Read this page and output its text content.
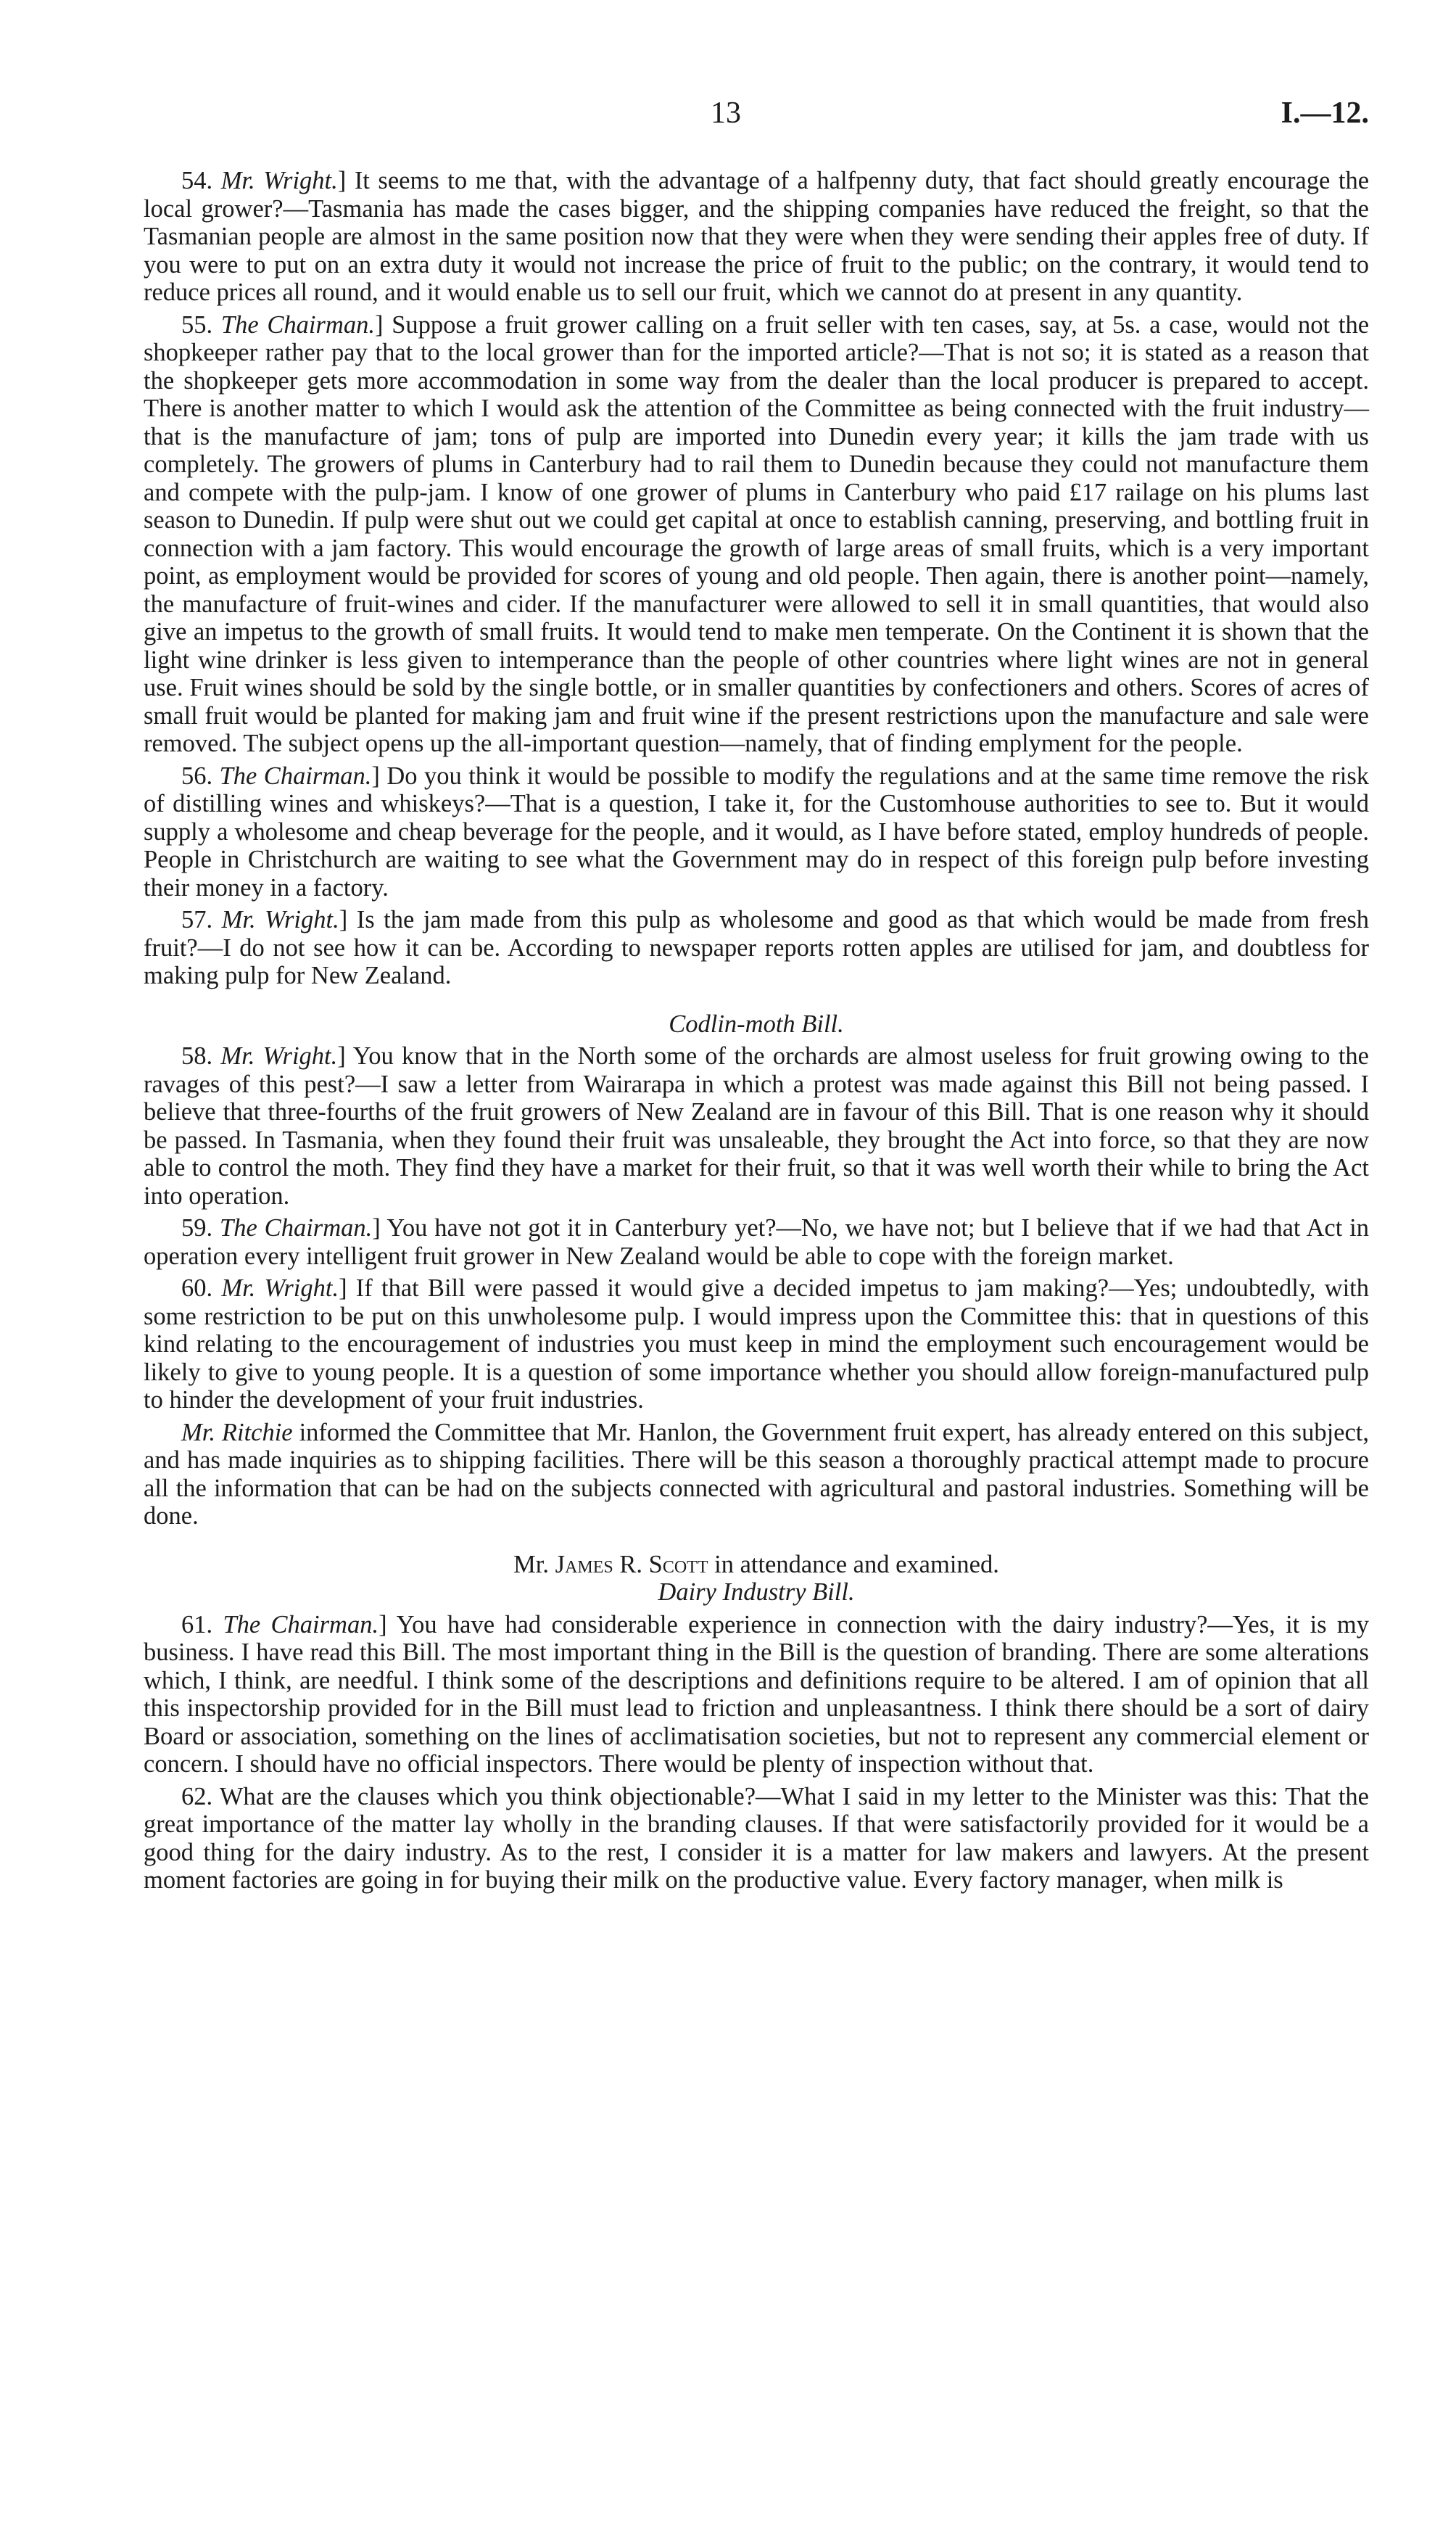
13	I.—12.

54. Mr. Wright.] It seems to me that, with the advantage of a halfpenny duty, that fact should greatly encourage the local grower?—Tasmania has made the cases bigger, and the shipping companies have reduced the freight, so that the Tasmanian people are almost in the same position now that they were when they were sending their apples free of duty. If you were to put on an extra duty it would not increase the price of fruit to the public; on the contrary, it would tend to reduce prices all round, and it would enable us to sell our fruit, which we cannot do at present in any quantity.

55. The Chairman.] Suppose a fruit grower calling on a fruit seller with ten cases, say, at 5s. a case, would not the shopkeeper rather pay that to the local grower than for the imported article?—That is not so; it is stated as a reason that the shopkeeper gets more accommodation in some way from the dealer than the local producer is prepared to accept. There is another matter to which I would ask the attention of the Committee as being connected with the fruit industry—that is the manufacture of jam; tons of pulp are imported into Dunedin every year; it kills the jam trade with us completely. The growers of plums in Canterbury had to rail them to Dunedin because they could not manufacture them and compete with the pulp-jam. I know of one grower of plums in Canterbury who paid £17 railage on his plums last season to Dunedin. If pulp were shut out we could get capital at once to establish canning, preserving, and bottling fruit in connection with a jam factory. This would encourage the growth of large areas of small fruits, which is a very important point, as employment would be provided for scores of young and old people. Then again, there is another point—namely, the manufacture of fruit-wines and cider. If the manufacturer were allowed to sell it in small quantities, that would also give an impetus to the growth of small fruits. It would tend to make men temperate. On the Continent it is shown that the light wine drinker is less given to intemperance than the people of other countries where light wines are not in general use. Fruit wines should be sold by the single bottle, or in smaller quantities by confectioners and others. Scores of acres of small fruit would be planted for making jam and fruit wine if the present restrictions upon the manufacture and sale were removed. The subject opens up the all-important question—namely, that of finding emplyment for the people.

56. The Chairman.] Do you think it would be possible to modify the regulations and at the same time remove the risk of distilling wines and whiskeys?—That is a question, I take it, for the Customhouse authorities to see to. But it would supply a wholesome and cheap beverage for the people, and it would, as I have before stated, employ hundreds of people. People in Christchurch are waiting to see what the Government may do in respect of this foreign pulp before investing their money in a factory.

57. Mr. Wright.] Is the jam made from this pulp as wholesome and good as that which would be made from fresh fruit?—I do not see how it can be. According to newspaper reports rotten apples are utilised for jam, and doubtless for making pulp for New Zealand.

Codlin-moth Bill.

58. Mr. Wright.] You know that in the North some of the orchards are almost useless for fruit growing owing to the ravages of this pest?—I saw a letter from Wairarapa in which a protest was made against this Bill not being passed. I believe that three-fourths of the fruit growers of New Zealand are in favour of this Bill. That is one reason why it should be passed. In Tasmania, when they found their fruit was unsaleable, they brought the Act into force, so that they are now able to control the moth. They find they have a market for their fruit, so that it was well worth their while to bring the Act into operation.

59. The Chairman.] You have not got it in Canterbury yet?—No, we have not; but I believe that if we had that Act in operation every intelligent fruit grower in New Zealand would be able to cope with the foreign market.

60. Mr. Wright.] If that Bill were passed it would give a decided impetus to jam making?—Yes; undoubtedly, with some restriction to be put on this unwholesome pulp. I would impress upon the Committee this: that in questions of this kind relating to the encouragement of industries you must keep in mind the employment such encouragement would be likely to give to young people. It is a question of some importance whether you should allow foreign-manufactured pulp to hinder the development of your fruit industries.

Mr. Ritchie informed the Committee that Mr. Hanlon, the Government fruit expert, has already entered on this subject, and has made inquiries as to shipping facilities. There will be this season a thoroughly practical attempt made to procure all the information that can be had on the subjects connected with agricultural and pastoral industries. Something will be done.

Mr. James R. Scott in attendance and examined.
Dairy Industry Bill.

61. The Chairman.] You have had considerable experience in connection with the dairy industry?—Yes, it is my business. I have read this Bill. The most important thing in the Bill is the question of branding. There are some alterations which, I think, are needful. I think some of the descriptions and definitions require to be altered. I am of opinion that all this inspectorship provided for in the Bill must lead to friction and unpleasantness. I think there should be a sort of dairy Board or association, something on the lines of acclimatisation societies, but not to represent any commercial element or concern. I should have no official inspectors. There would be plenty of inspection without that.

62. What are the clauses which you think objectionable?—What I said in my letter to the Minister was this: That the great importance of the matter lay wholly in the branding clauses. If that were satisfactorily provided for it would be a good thing for the dairy industry. As to the rest, I consider it is a matter for law makers and lawyers. At the present moment factories are going in for buying their milk on the productive value. Every factory manager, when milk is
